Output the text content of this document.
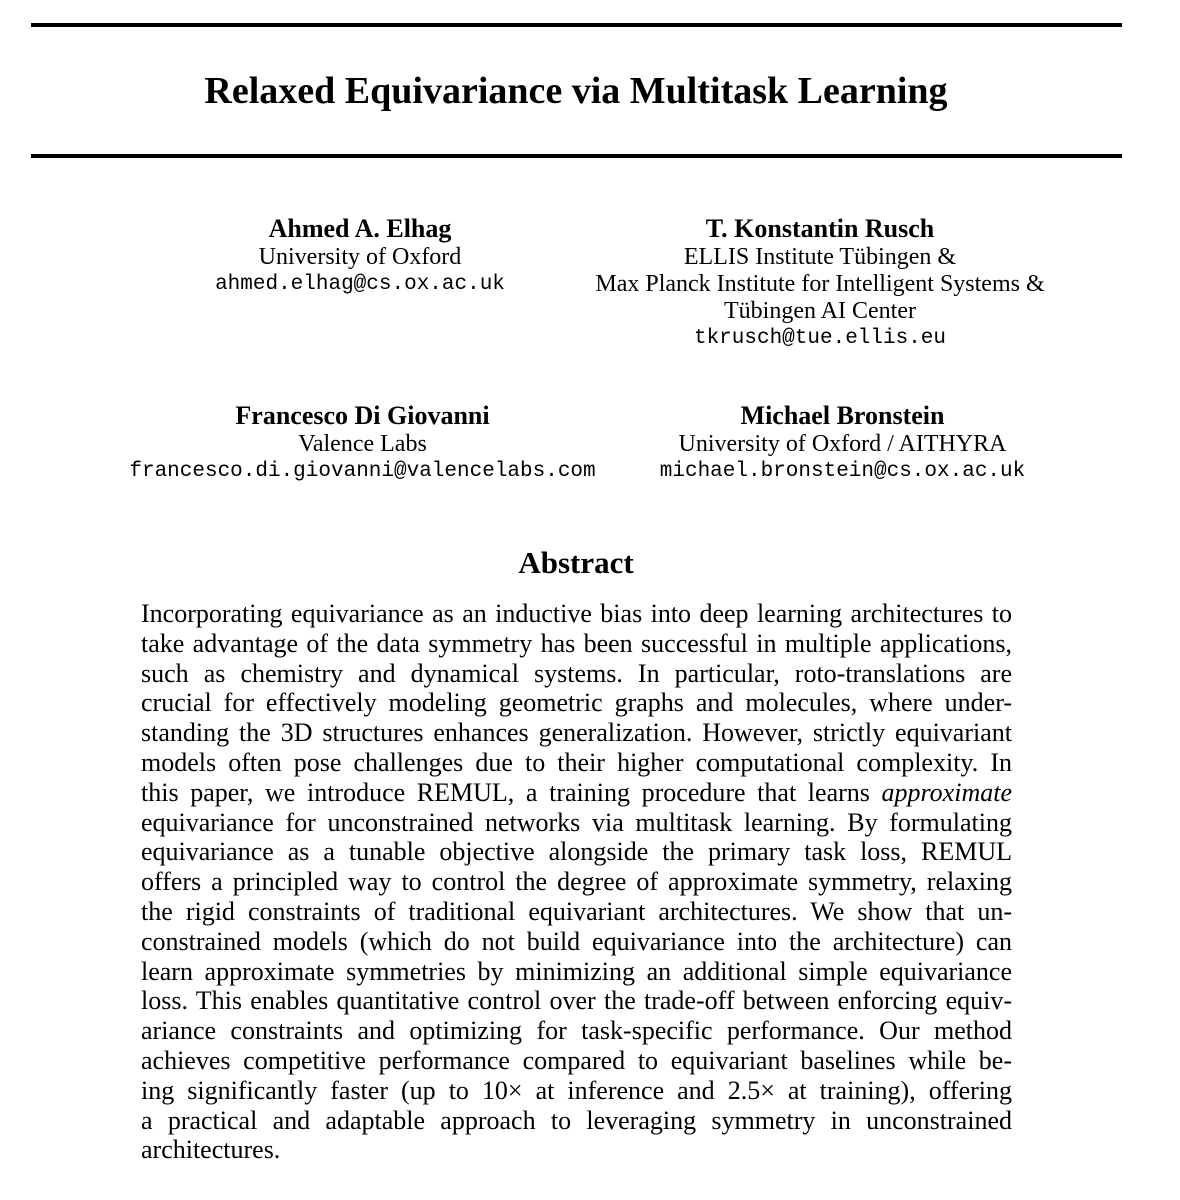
Relaxed Equivariance via Multitask Learning
Ahmed A. Elhag
University of Oxford
ahmed.elhag@cs.ox.ac.uk
T. Konstantin Rusch
ELLIS Institute Tübingen &
Max Planck Institute for Intelligent Systems &
Tübingen AI Center
tkrusch@tue.ellis.eu
Francesco Di Giovanni
Valence Labs
francesco.di.giovanni@valencelabs.com
Michael Bronstein
University of Oxford / AITHYRA
michael.bronstein@cs.ox.ac.uk
Abstract
Incorporating equivariance as an inductive bias into deep learning architectures to
take advantage of the data symmetry has been successful in multiple applications,
such as chemistry and dynamical systems. In particular, roto-translations are
crucial for effectively modeling geometric graphs and molecules, where under-
standing the 3D structures enhances generalization. However, strictly equivariant
models often pose challenges due to their higher computational complexity. In
this paper, we introduce REMUL, a training procedure that learns approximate
equivariance for unconstrained networks via multitask learning. By formulating
equivariance as a tunable objective alongside the primary task loss, REMUL
offers a principled way to control the degree of approximate symmetry, relaxing
the rigid constraints of traditional equivariant architectures. We show that un-
constrained models (which do not build equivariance into the architecture) can
learn approximate symmetries by minimizing an additional simple equivariance
loss. This enables quantitative control over the trade-off between enforcing equiv-
ariance constraints and optimizing for task-specific performance. Our method
achieves competitive performance compared to equivariant baselines while be-
ing significantly faster (up to 10× at inference and 2.5× at training), offering
a practical and adaptable approach to leveraging symmetry in unconstrained
architectures.
